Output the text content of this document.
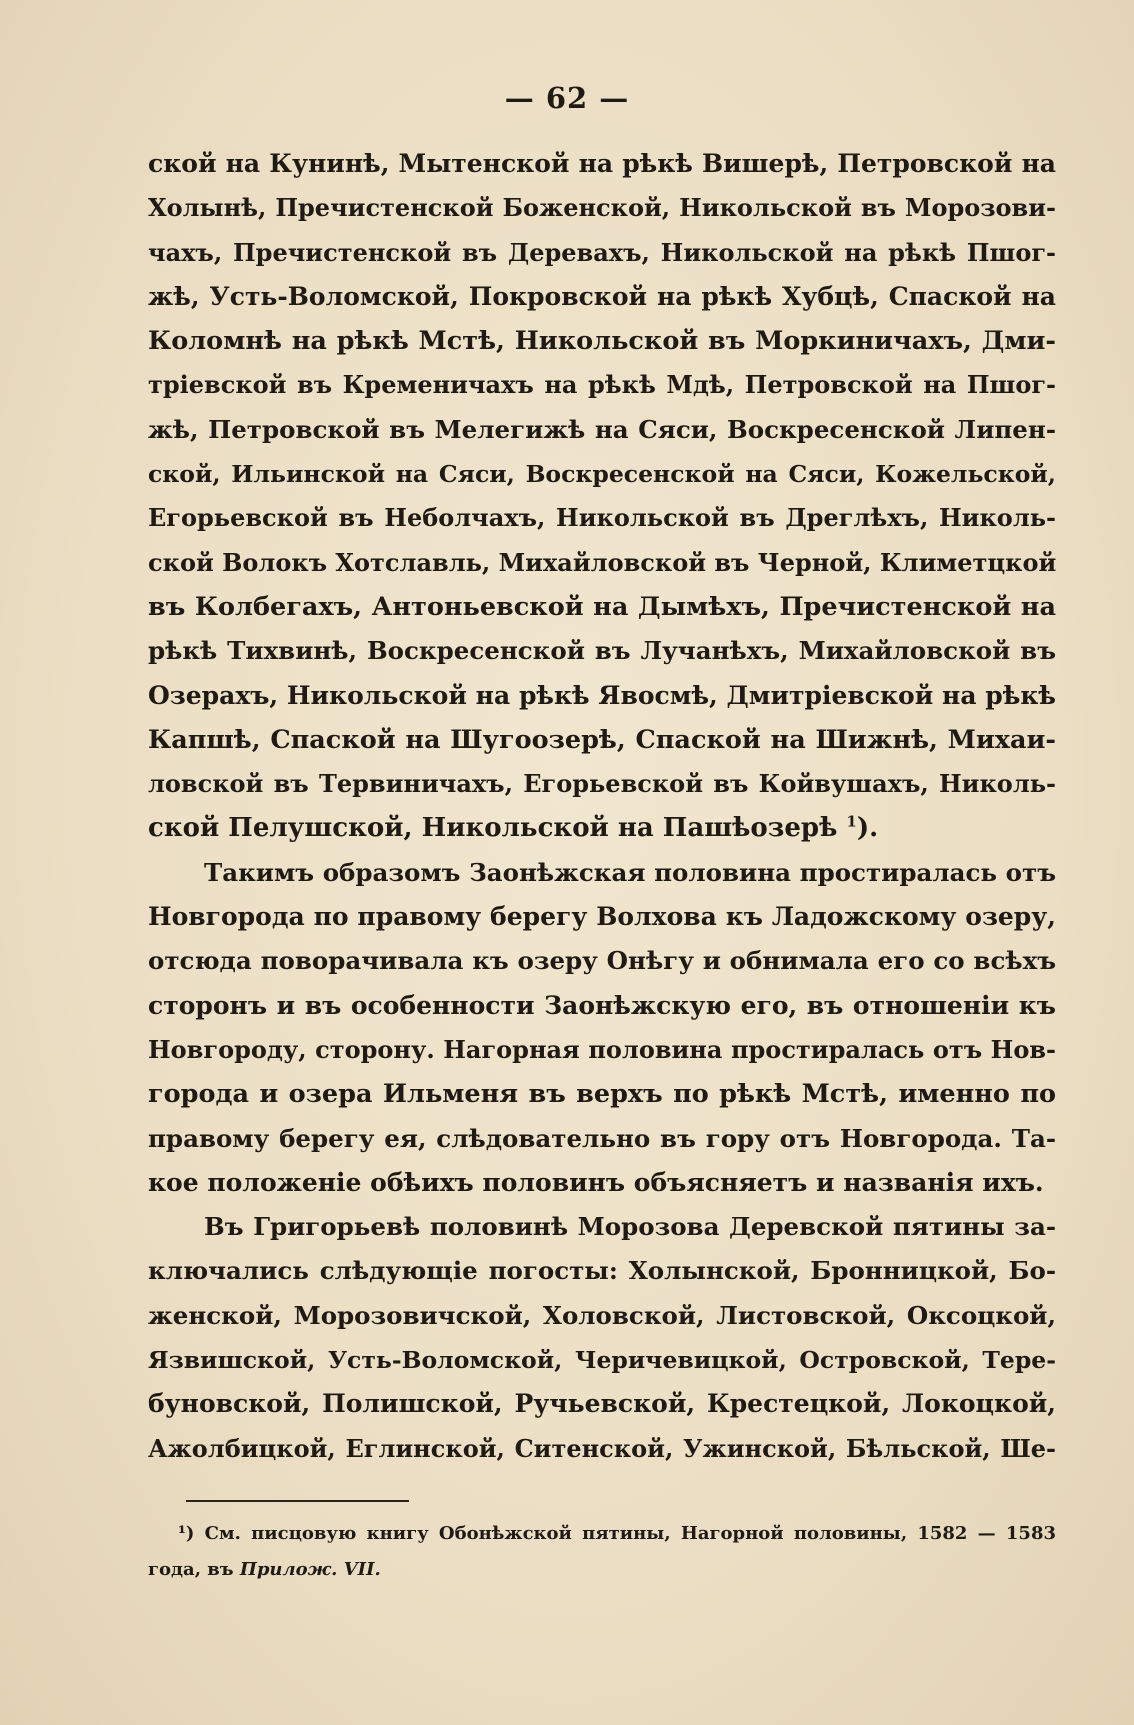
— 62 —
ской на Кунинѣ, Мытенской на рѣкѣ Вишерѣ, Петровской на
Холынѣ, Пречистенской Боженской, Никольской въ Морозови-
чахъ, Пречистенской въ Деревахъ, Никольской на рѣкѣ Пшог-
жѣ, Усть-Воломской, Покровской на рѣкѣ Хубцѣ, Спаской на
Коломнѣ на рѣкѣ Мстѣ, Никольской въ Моркиничахъ, Дми-
тріевской въ Кременичахъ на рѣкѣ Мдѣ, Петровской на Пшог-
жѣ, Петровской въ Мелегижѣ на Сяси, Воскресенской Липен-
ской, Ильинской на Сяси, Воскресенской на Сяси, Кожельской,
Егорьевской въ Неболчахъ, Никольской въ Дреглѣхъ, Николь-
ской Волокъ Хотславль, Михайловской въ Черной, Климетцкой
въ Колбегахъ, Антоньевской на Дымѣхъ, Пречистенской на
рѣкѣ Тихвинѣ, Воскресенской въ Лучанѣхъ, Михайловской въ
Озерахъ, Никольской на рѣкѣ Явосмѣ, Дмитріевской на рѣкѣ
Капшѣ, Спаской на Шугоозерѣ, Спаской на Шижнѣ, Михаи-
ловской въ Тервиничахъ, Егорьевской въ Койвушахъ, Николь-
ской Пелушской, Никольской на Пашѣозерѣ $^1$).
Такимъ образомъ Заонѣжская половина простиралась отъ
Новгорода по правому берегу Волхова къ Ладожскому озеру,
отсюда поворачивала къ озеру Онѣгу и обнимала его со всѣхъ
сторонъ и въ особенности Заонѣжскую его, въ отношеніи къ
Новгороду, сторону. Нагорная половина простиралась отъ Нов-
города и озера Ильменя въ верхъ по рѣкѣ Мстѣ, именно по
правому берегу ея, слѣдовательно въ гору отъ Новгорода. Та-
кое положеніе обѣихъ половинъ объясняетъ и названія ихъ.
Въ Григорьевѣ половинѣ Морозова Деревской пятины за-
ключались слѣдующіе погосты: Холынской, Бронницкой, Бо-
женской, Морозовичской, Холовской, Листовской, Оксоцкой,
Язвишской, Усть-Воломской, Черичевицкой, Островской, Тере-
буновской, Полишской, Ручьевской, Крестецкой, Локоцкой,
Ажолбицкой, Еглинской, Ситенской, Ужинской, Бѣльской, Ше-
¹) См. писцовую книгу Обонѣжской пятины, Нагорной половины, 1582 — 1583
года, въ Прилож. VII.
